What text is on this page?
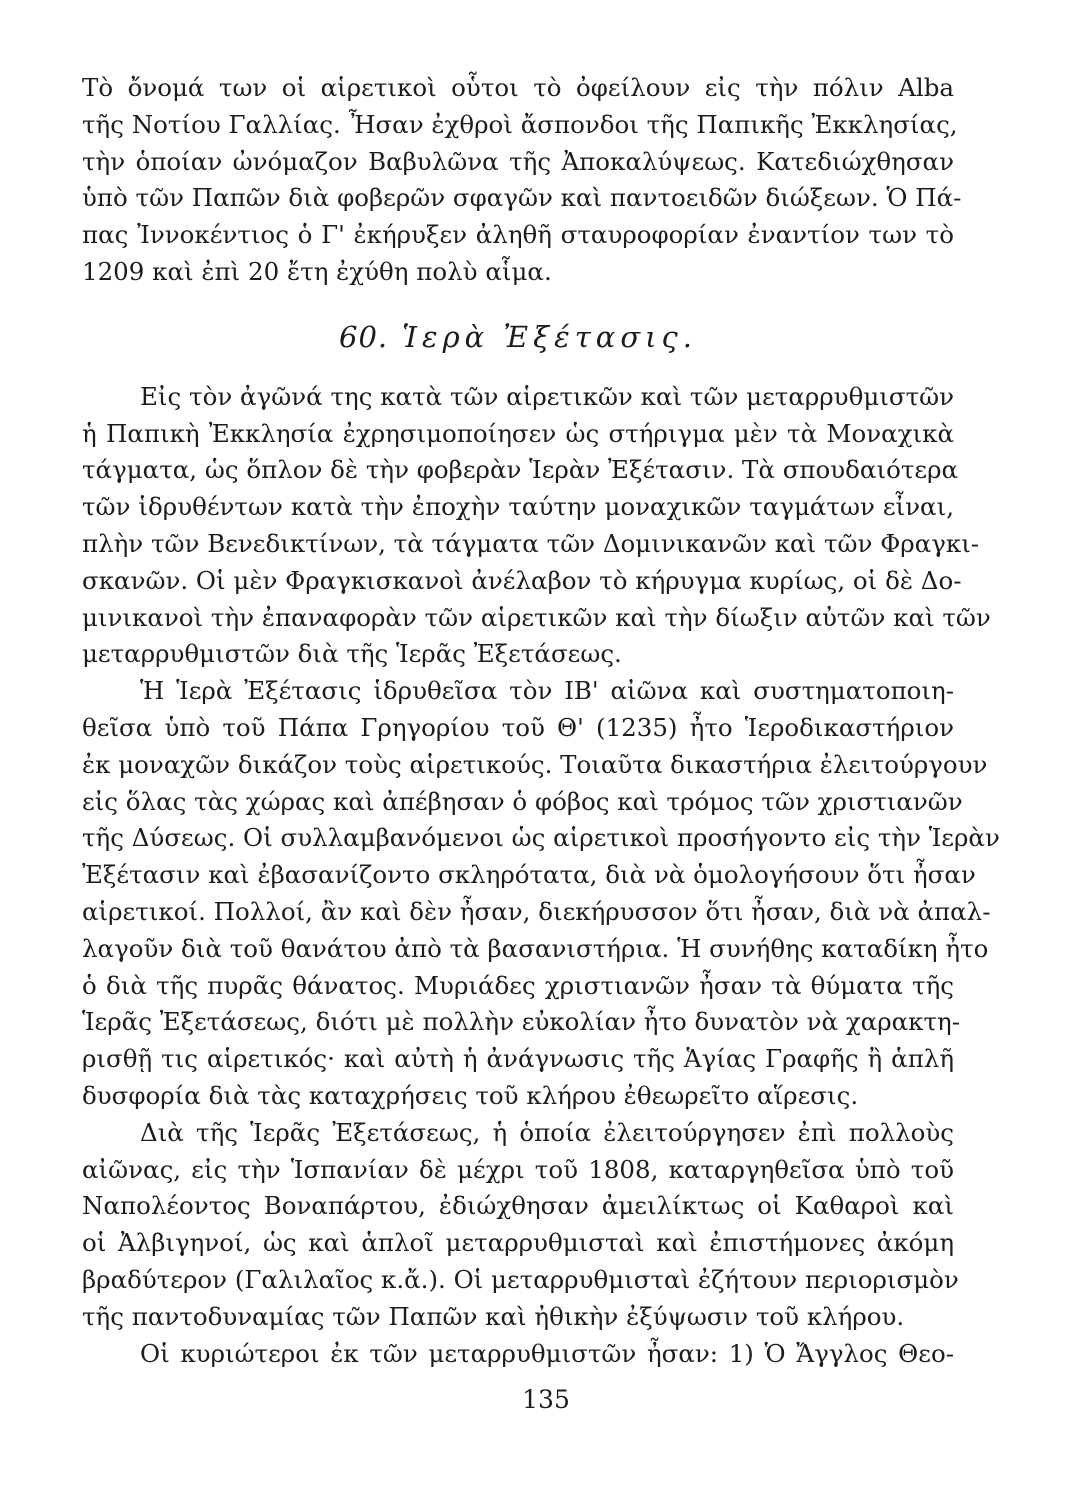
Τὸ ὄνομά των οἱ αἱρετικοὶ οὗτοι τὸ ὀφείλουν εἰς τὴν πόλιν Alba
τῆς Νοτίου Γαλλίας. Ἦσαν ἐχθροὶ ἄσπονδοι τῆς Παπικῆς Ἐκκλησίας,
τὴν ὁποίαν ὠνόμαζον Βαβυλῶνα τῆς Ἀποκαλύψεως. Κατεδιώχθησαν
ὑπὸ τῶν Παπῶν διὰ φοβερῶν σφαγῶν καὶ παντοειδῶν διώξεων. Ὁ Πά-
πας Ἰννοκέντιος ὁ Γ' ἐκήρυξεν ἀληθῆ σταυροφορίαν ἐναντίον των τὸ
1209 καὶ ἐπὶ 20 ἔτη ἐχύθη πολὺ αἷμα.
60. Ἱερὰ Ἐξέτασις.
Εἰς τὸν ἀγῶνά της κατὰ τῶν αἱρετικῶν καὶ τῶν μεταρρυθμιστῶν
ἡ Παπικὴ Ἐκκλησία ἐχρησιμοποίησεν ὡς στήριγμα μὲν τὰ Μοναχικὰ
τάγματα, ὡς ὅπλον δὲ τὴν φοβερὰν Ἱερὰν Ἐξέτασιν. Τὰ σπουδαιότερα
τῶν ἱδρυθέντων κατὰ τὴν ἐποχὴν ταύτην μοναχικῶν ταγμάτων εἶναι,
πλὴν τῶν Βενεδικτίνων, τὰ τάγματα τῶν Δομινικανῶν καὶ τῶν Φραγκι-
σκανῶν. Οἱ μὲν Φραγκισκανοὶ ἀνέλαβον τὸ κήρυγμα κυρίως, οἱ δὲ Δο-
μινικανοὶ τὴν ἐπαναφορὰν τῶν αἱρετικῶν καὶ τὴν δίωξιν αὐτῶν καὶ τῶν
μεταρρυθμιστῶν διὰ τῆς Ἱερᾶς Ἐξετάσεως.
Ἡ Ἱερὰ Ἐξέτασις ἱδρυθεῖσα τὸν ΙΒ' αἰῶνα καὶ συστηματοποιη-
θεῖσα ὑπὸ τοῦ Πάπα Γρηγορίου τοῦ Θ' (1235) ἦτο Ἱεροδικαστήριον
ἐκ μοναχῶν δικάζον τοὺς αἱρετικούς. Τοιαῦτα δικαστήρια ἐλειτούργουν
εἰς ὅλας τὰς χώρας καὶ ἀπέβησαν ὁ φόβος καὶ τρόμος τῶν χριστιανῶν
τῆς Δύσεως. Οἱ συλλαμβανόμενοι ὡς αἱρετικοὶ προσήγοντο εἰς τὴν Ἱερὰν
Ἐξέτασιν καὶ ἐβασανίζοντο σκληρότατα, διὰ νὰ ὁμολογήσουν ὅτι ἦσαν
αἱρετικοί. Πολλοί, ἂν καὶ δὲν ἦσαν, διεκήρυσσον ὅτι ἦσαν, διὰ νὰ ἀπαλ-
λαγοῦν διὰ τοῦ θανάτου ἀπὸ τὰ βασανιστήρια. Ἡ συνήθης καταδίκη ἦτο
ὁ διὰ τῆς πυρᾶς θάνατος. Μυριάδες χριστιανῶν ἦσαν τὰ θύματα τῆς
Ἱερᾶς Ἐξετάσεως, διότι μὲ πολλὴν εὐκολίαν ἦτο δυνατὸν νὰ χαρακτη-
ρισθῇ τις αἱρετικός· καὶ αὐτὴ ἡ ἀνάγνωσις τῆς Ἁγίας Γραφῆς ἢ ἁπλῆ
δυσφορία διὰ τὰς καταχρήσεις τοῦ κλήρου ἐθεωρεῖτο αἵρεσις.
Διὰ τῆς Ἱερᾶς Ἐξετάσεως, ἡ ὁποία ἐλειτούργησεν ἐπὶ πολλοὺς
αἰῶνας, εἰς τὴν Ἱσπανίαν δὲ μέχρι τοῦ 1808, καταργηθεῖσα ὑπὸ τοῦ
Ναπολέοντος Βοναπάρτου, ἐδιώχθησαν ἀμειλίκτως οἱ Καθαροὶ καὶ
οἱ Ἀλβιγηνοί, ὡς καὶ ἁπλοῖ μεταρρυθμισταὶ καὶ ἐπιστήμονες ἀκόμη
βραδύτερον (Γαλιλαῖος κ.ἄ.). Οἱ μεταρρυθμισταὶ ἐζήτουν περιορισμὸν
τῆς παντοδυναμίας τῶν Παπῶν καὶ ἠθικὴν ἐξύψωσιν τοῦ κλήρου.
Οἱ κυριώτεροι ἐκ τῶν μεταρρυθμιστῶν ἦσαν: 1) Ὁ Ἄγγλος Θεο-
135
